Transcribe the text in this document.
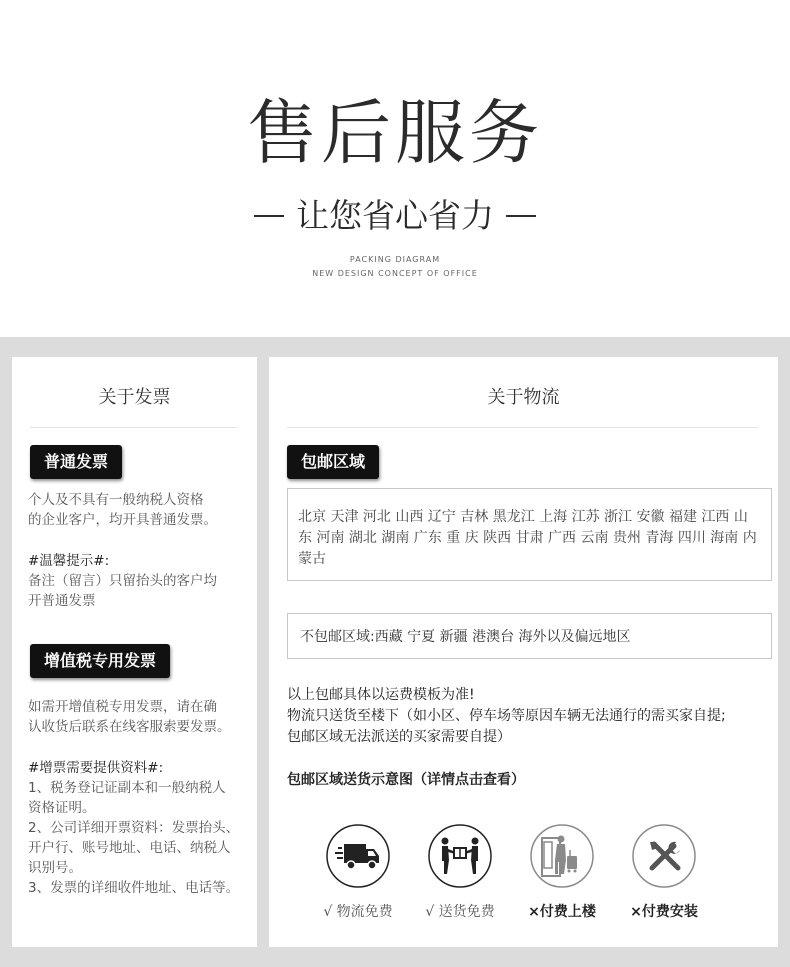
售后服务
让您省心省力
PACKING DIAGRAM
NEW DESIGN CONCEPT OF OFFICE
关于发票
普通发票
个人及不具有一般纳税人资格
的企业客户，均开具普通发票。
#温馨提示#:
备注（留言）只留抬头的客户均
开普通发票
增值税专用发票
如需开增值税专用发票，请在确
认收货后联系在线客服索要发票。
#增票需要提供资料#:
1、税务登记证副本和一般纳税人
资格证明。
2、公司详细开票资料：发票抬头、
开户行、账号地址、电话、纳税人
识别号。
3、发票的详细收件地址、电话等。
关于物流
包邮区域
北京 天津 河北 山西 辽宁 吉林 黑龙江 上海 江苏 浙江 安徽 福建 江西 山东 河南 湖北 湖南 广东 重 庆 陕西 甘肃 广西 云南 贵州 青海 四川 海南 内蒙古
不包邮区域:西藏 宁夏 新疆 港澳台 海外以及偏远地区
以上包邮具体以运费模板为准!
物流只送货至楼下（如小区、停车场等原因车辆无法通行的需买家自提;
包邮区域无法派送的买家需要自提）
包邮区域送货示意图（详情点击查看）
√ 物流免费	√ 送货免费	×付费上楼	×付费安装
